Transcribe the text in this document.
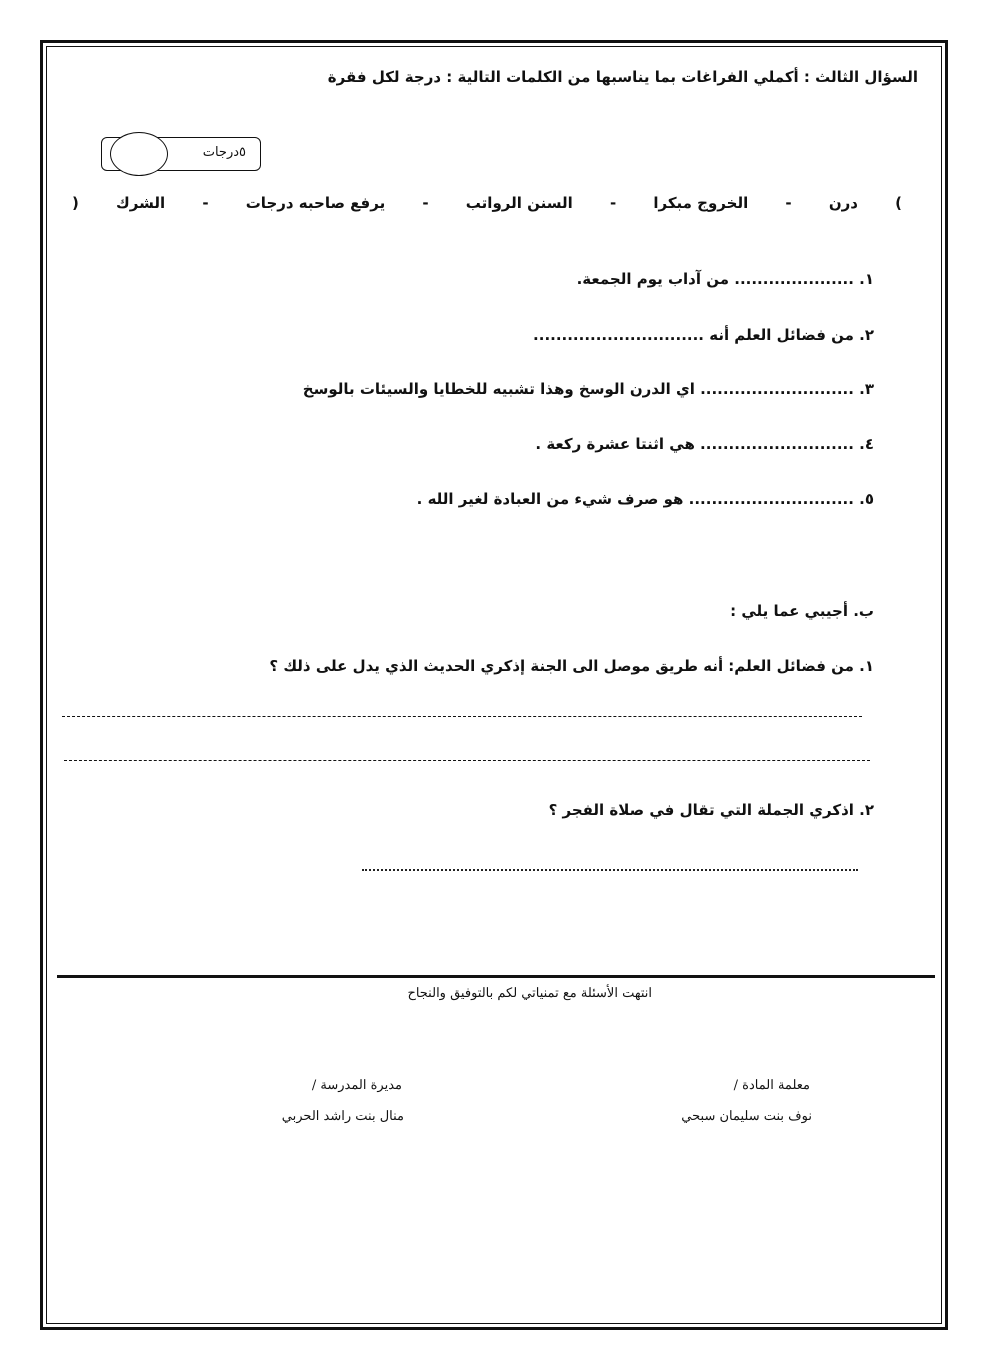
السؤال الثالث : أكملي الفراغات بما يناسبها من الكلمات التالية : درجة لكل فقرة
٥درجات
(
درن
-
الخروج مبكرا
-
السنن الرواتب
-
يرفع صاحبه درجات
-
الشرك
)
١. ..................... من آداب يوم الجمعة.
٢. من فضائل العلم أنه ..............................
٣. ........................... اي الدرن الوسخ وهذا تشبيه للخطايا والسيئات بالوسخ
٤. ........................... هي اثنتا عشرة ركعة .
٥. ............................. هو صرف شيء من العبادة لغير الله .
ب. أجيبي عما يلي :
١. من فضائل العلم: أنه طريق موصل الى الجنة إذكري الحديث الذي يدل على ذلك ؟
٢. اذكري الجملة التي تقال في صلاة الفجر ؟
انتهت الأسئلة مع تمنياتي لكم بالتوفيق والنجاح
معلمة المادة /
نوف بنت سليمان سبحي
مديرة المدرسة /
منال بنت راشد الحربي
